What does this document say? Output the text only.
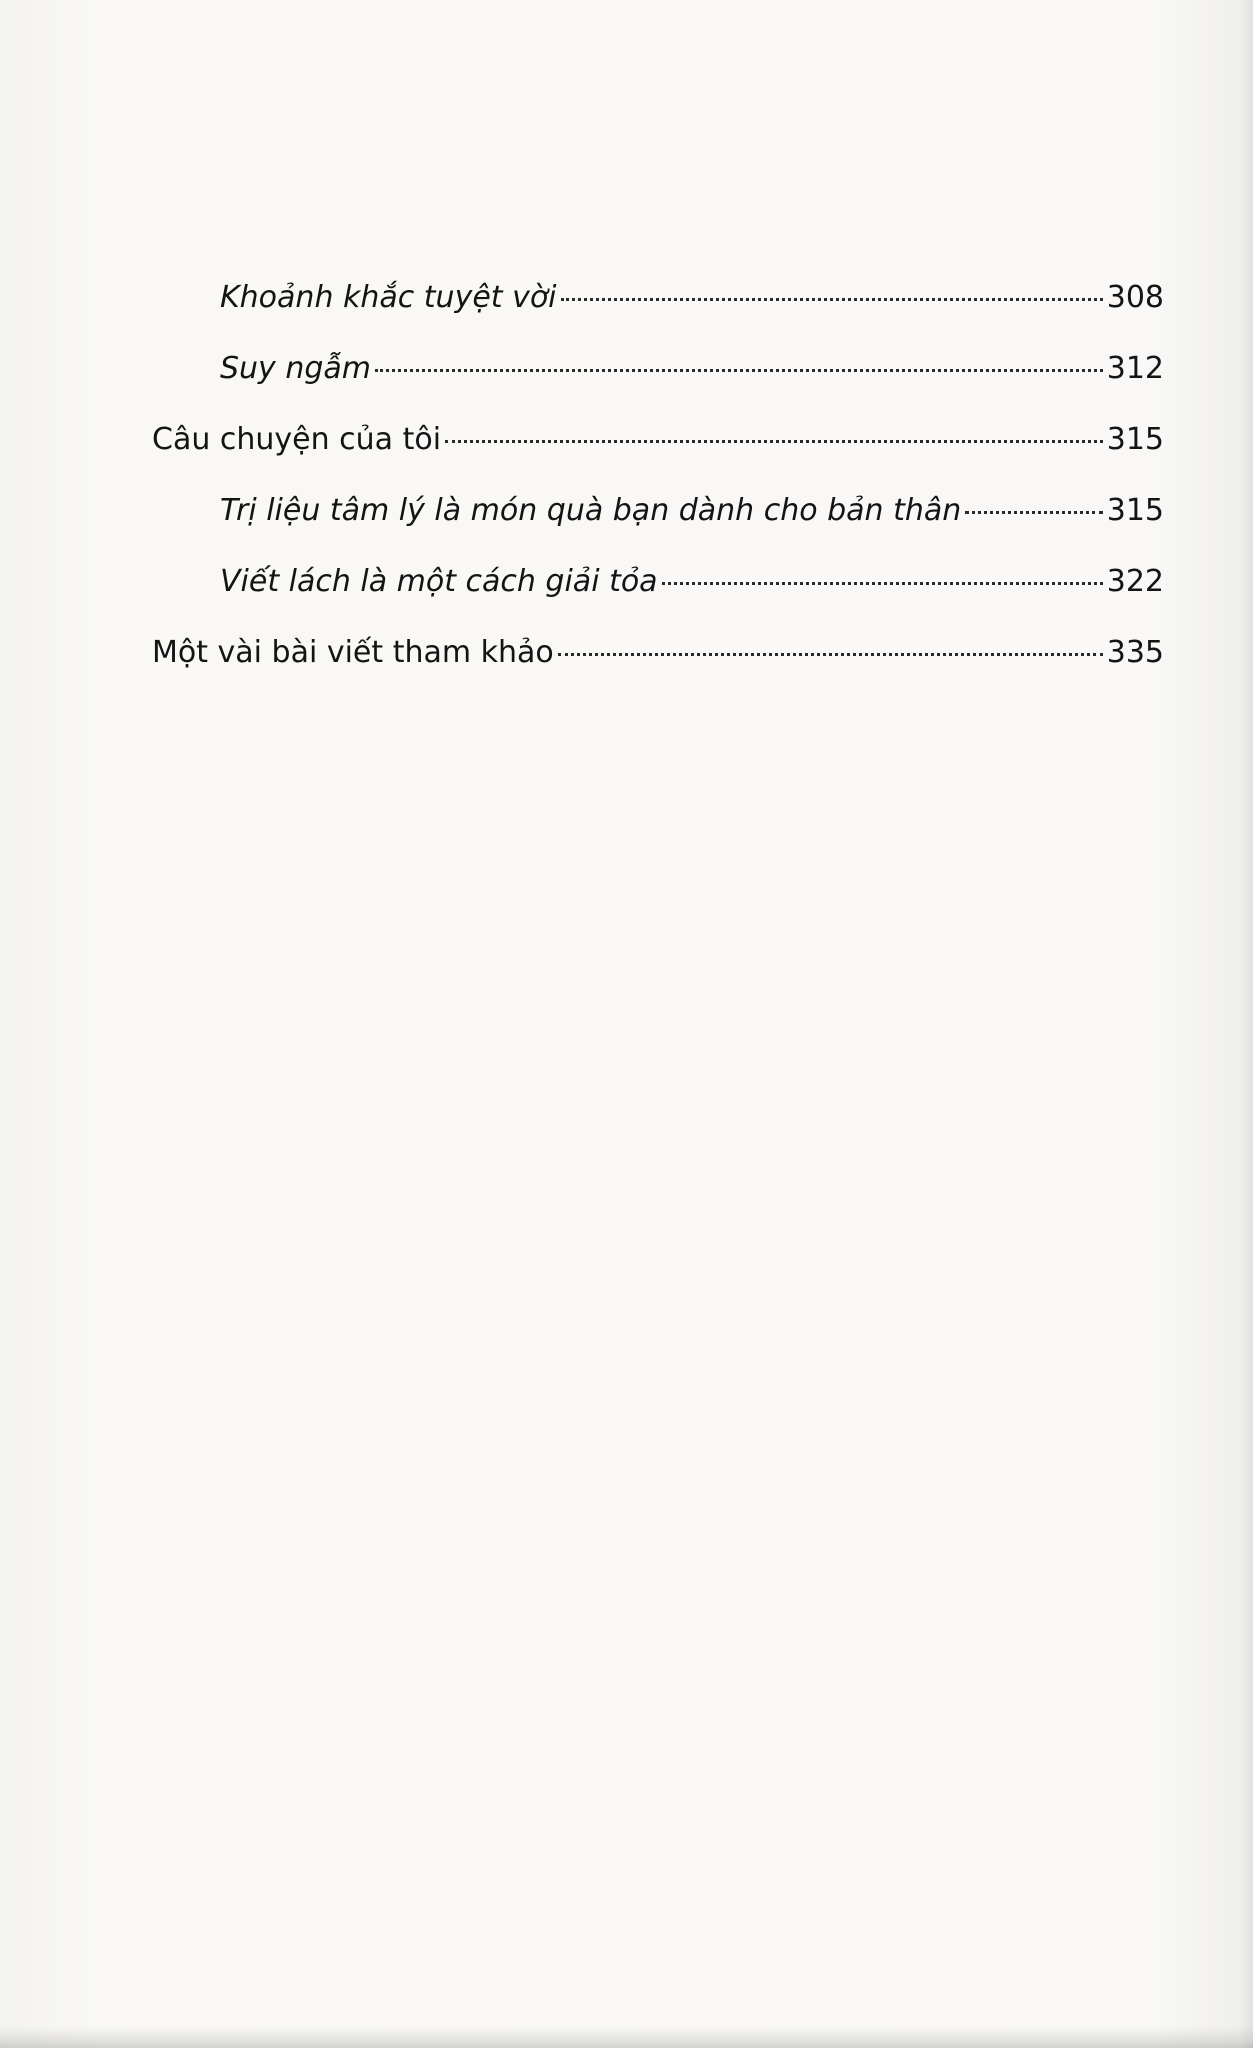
Khoảnh khắc tuyệt vời	308
Suy ngẫm	312
Câu chuyện của tôi	315
Trị liệu tâm lý là món quà bạn dành cho bản thân	315
Viết lách là một cách giải tỏa	322
Một vài bài viết tham khảo	335
